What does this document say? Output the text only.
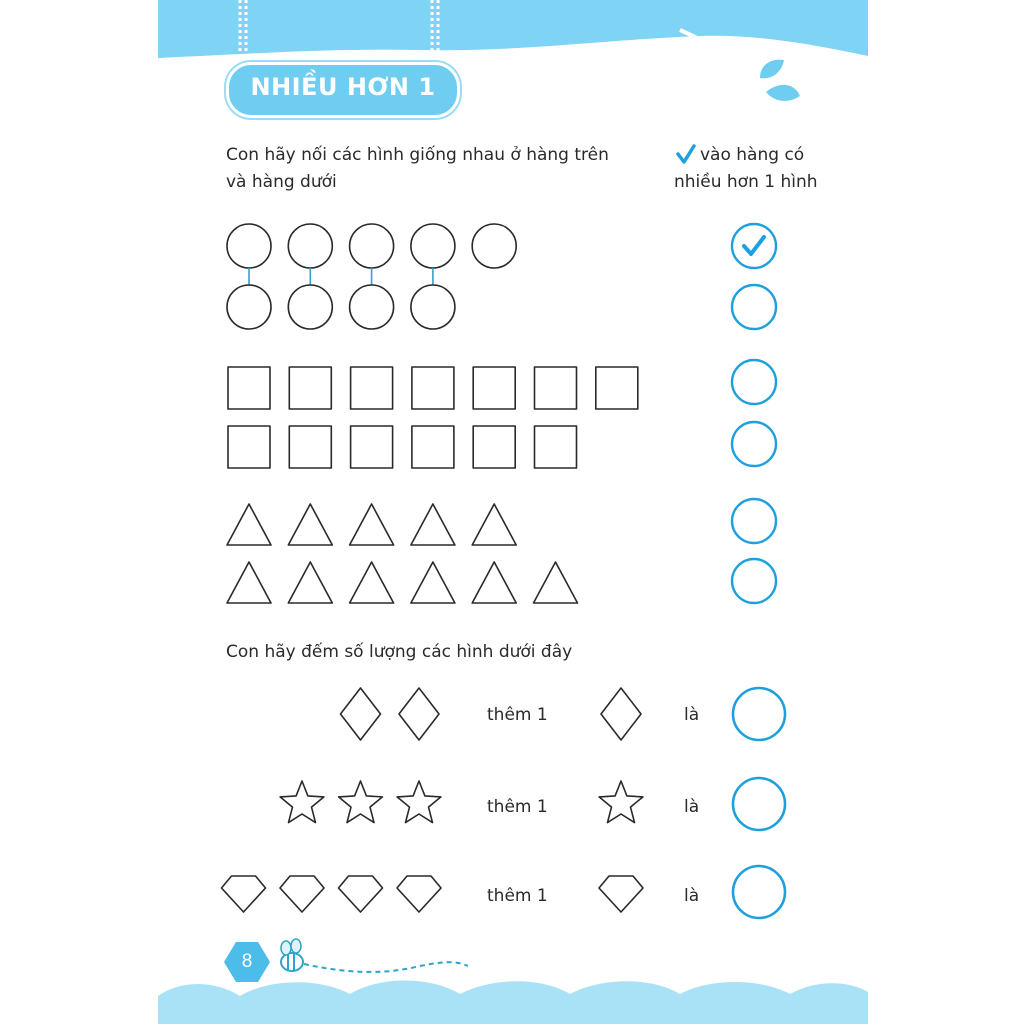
NHIỀU HƠN 1
Con hãy nối các hình giống nhau ở hàng trên
và hàng dưới
vào hàng có
nhiều hơn 1 hình
Con hãy đếm số lượng các hình dưới đây
thêm 1	là
thêm 1	là
thêm 1	là
8
